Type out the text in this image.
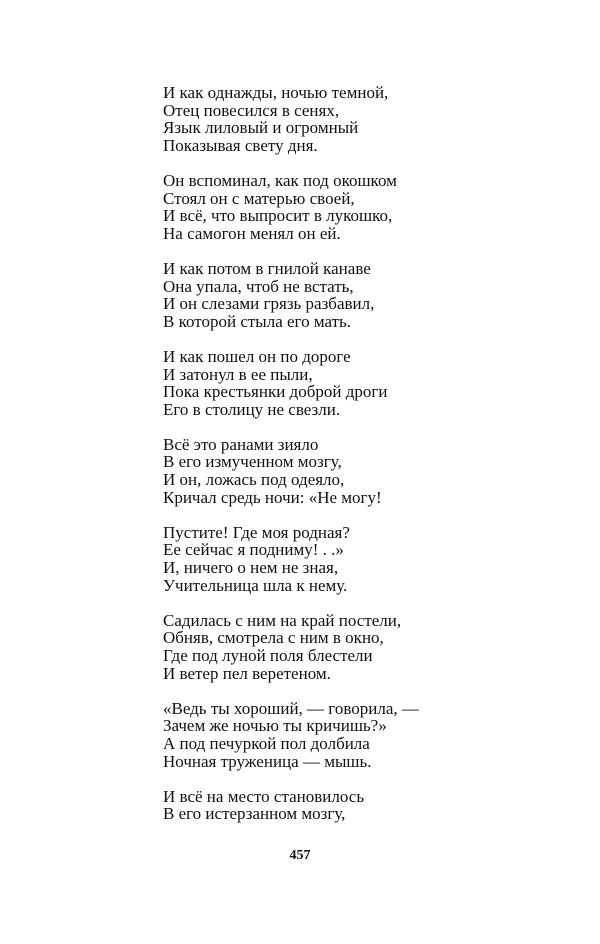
И как однажды, ночью темной,
Отец повесился в сенях,
Язык лиловый и огромный
Показывая свету дня.
Он вспоминал, как под окошком
Стоял он с матерью своей,
И всё, что выпросит в лукошко,
На самогон менял он ей.
И как потом в гнилой канаве
Она упала, чтоб не встать,
И он слезами грязь разбавил,
В которой стыла его мать.
И как пошел он по дороге
И затонул в ее пыли,
Пока крестьянки доброй дроги
Его в столицу не свезли.
Всё это ранами зияло
В его измученном мозгу,
И он, ложась под одеяло,
Кричал средь ночи: «Не могу!
Пустите! Где моя родная?
Ее сейчас я подниму! . .»
И, ничего о нем не зная,
Учительница шла к нему.
Садилась с ним на край постели,
Обняв, смотрела с ним в окно,
Где под луной поля блестели
И ветер пел веретеном.
«Ведь ты хороший, — говорила, —
Зачем же ночью ты кричишь?»
А под печуркой пол долбила
Ночная труженица — мышь.
И всё на место становилось
В его истерзанном мозгу,
457
